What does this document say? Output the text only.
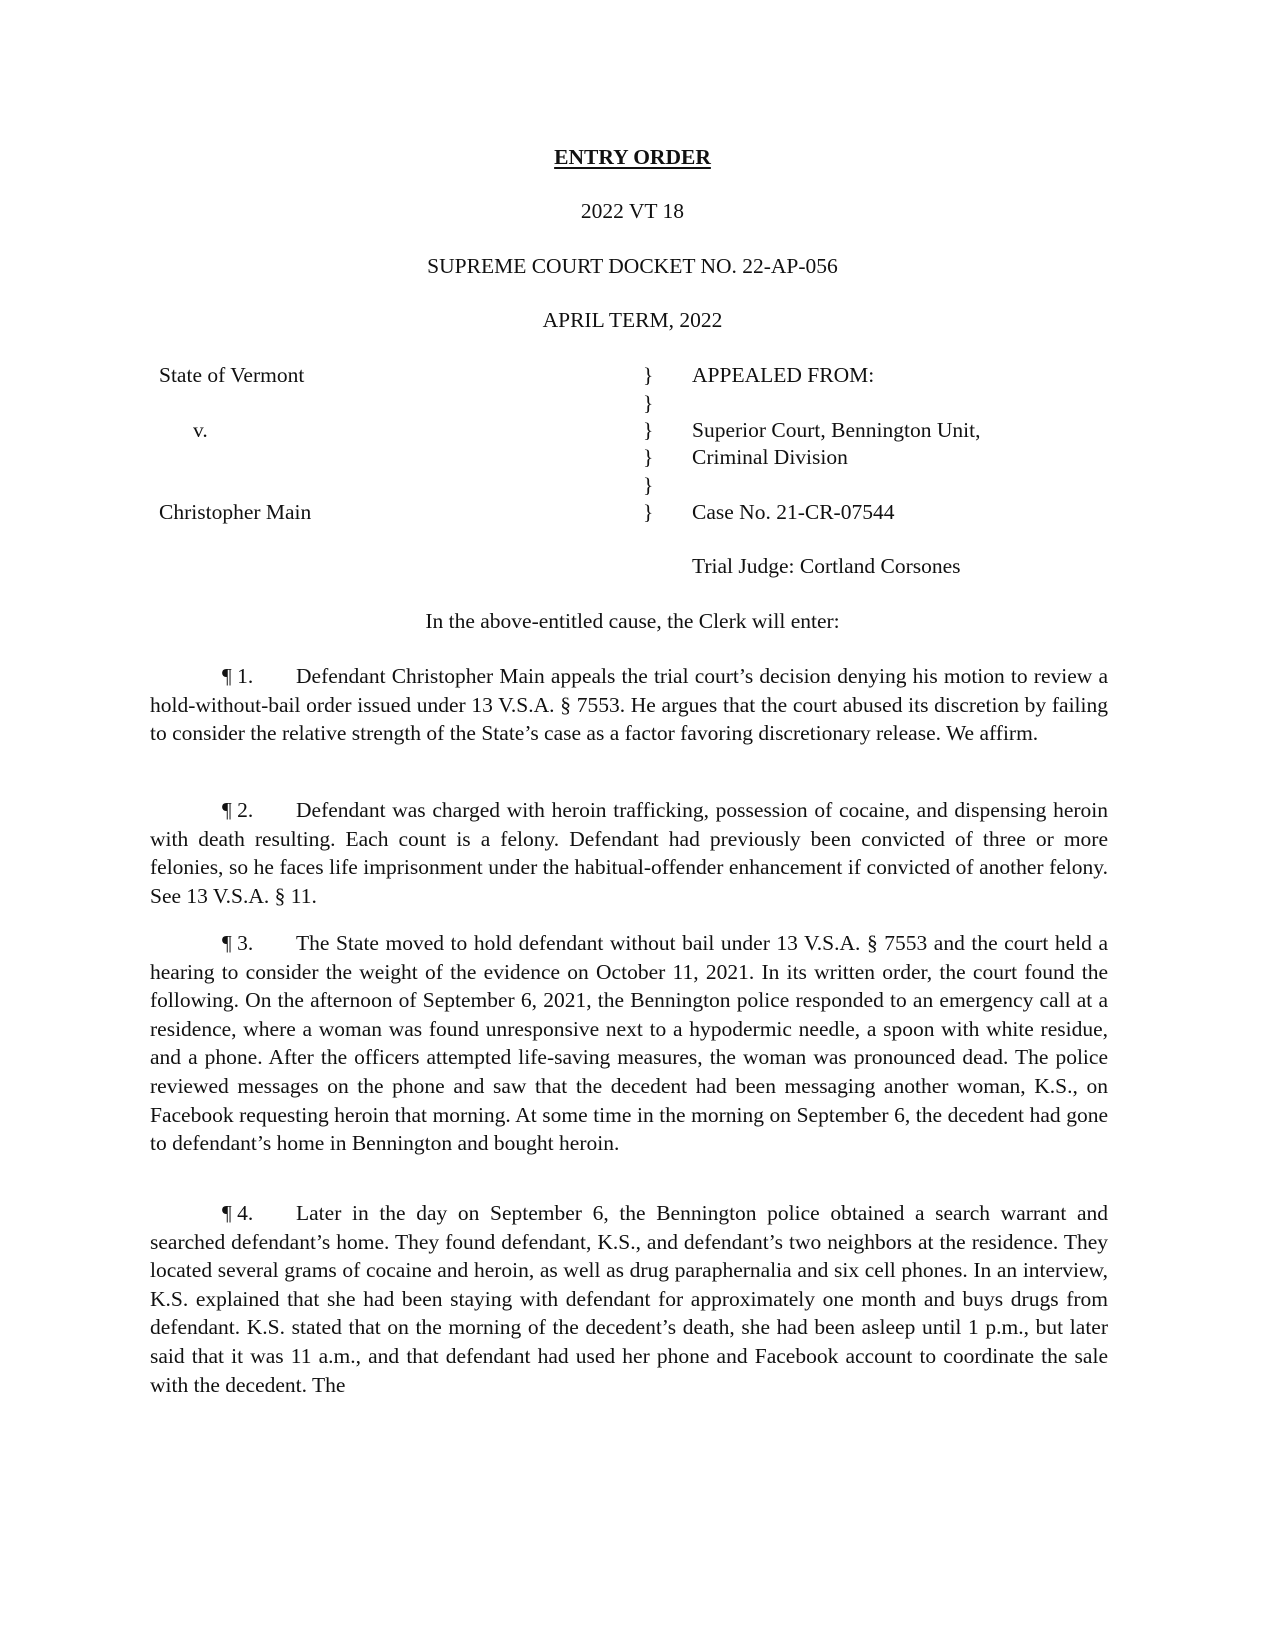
ENTRY ORDER
2022 VT 18
SUPREME COURT DOCKET NO. 22-AP-056
APRIL TERM, 2022
State of Vermont
v.
Christopher Main
}
}
}
}
}
}
APPEALED FROM:
Superior Court, Bennington Unit,
Criminal Division
Case No. 21-CR-07544
Trial Judge: Cortland Corsones
In the above-entitled cause, the Clerk will enter:
¶ 1. Defendant Christopher Main appeals the trial court’s decision denying his motion to review a hold-without-bail order issued under 13 V.S.A. § 7553. He argues that the court abused its discretion by failing to consider the relative strength of the State’s case as a factor favoring discretionary release. We affirm.
¶ 2. Defendant was charged with heroin trafficking, possession of cocaine, and dispensing heroin with death resulting. Each count is a felony. Defendant had previously been convicted of three or more felonies, so he faces life imprisonment under the habitual-offender enhancement if convicted of another felony. See 13 V.S.A. § 11.
¶ 3. The State moved to hold defendant without bail under 13 V.S.A. § 7553 and the court held a hearing to consider the weight of the evidence on October 11, 2021. In its written order, the court found the following. On the afternoon of September 6, 2021, the Bennington police responded to an emergency call at a residence, where a woman was found unresponsive next to a hypodermic needle, a spoon with white residue, and a phone. After the officers attempted life-saving measures, the woman was pronounced dead. The police reviewed messages on the phone and saw that the decedent had been messaging another woman, K.S., on Facebook requesting heroin that morning. At some time in the morning on September 6, the decedent had gone to defendant’s home in Bennington and bought heroin.
¶ 4. Later in the day on September 6, the Bennington police obtained a search warrant and searched defendant’s home. They found defendant, K.S., and defendant’s two neighbors at the residence. They located several grams of cocaine and heroin, as well as drug paraphernalia and six cell phones. In an interview, K.S. explained that she had been staying with defendant for approximately one month and buys drugs from defendant. K.S. stated that on the morning of the decedent’s death, she had been asleep until 1 p.m., but later said that it was 11 a.m., and that defendant had used her phone and Facebook account to coordinate the sale with the decedent. The
